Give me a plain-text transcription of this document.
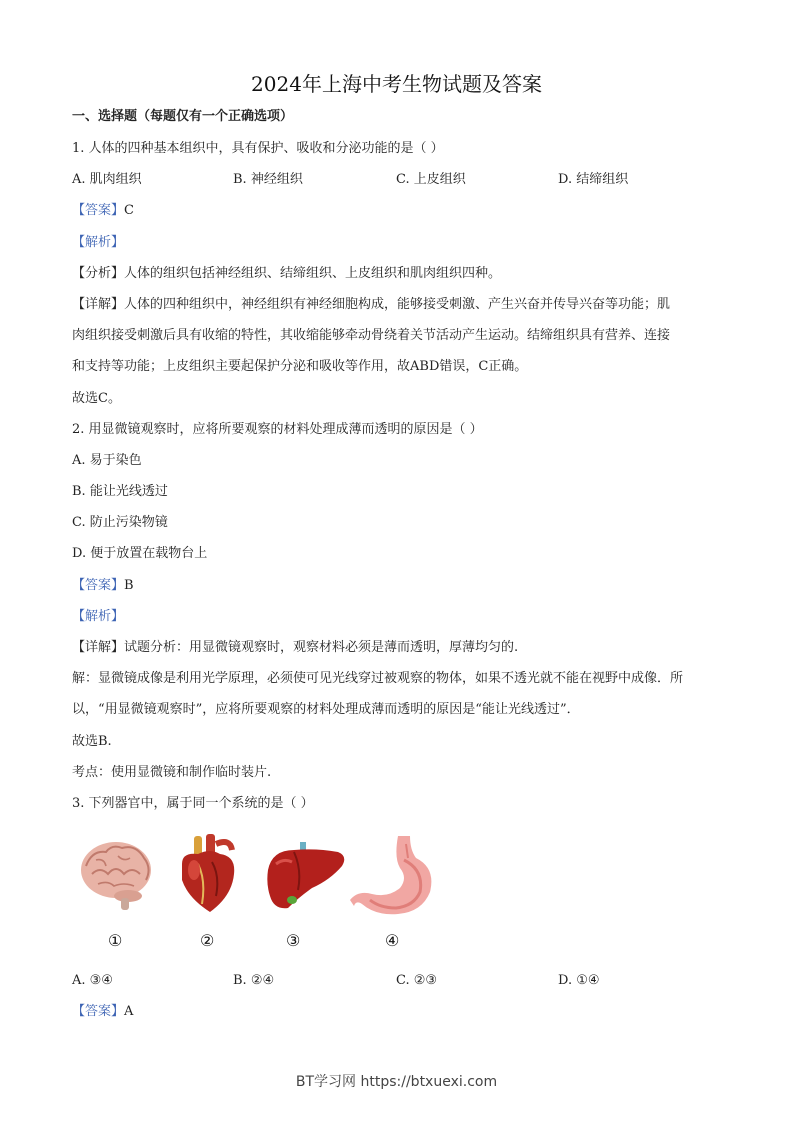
2024年上海中考生物试题及答案
一、选择题（每题仅有一个正确选项）
1. 人体的四种基本组织中，具有保护、吸收和分泌功能的是（ ）
A. 肌肉组织	B. 神经组织	C. 上皮组织	D. 结缔组织
【答案】C
【解析】
【分析】人体的组织包括神经组织、结缔组织、上皮组织和肌肉组织四种。
【详解】人体的四种组织中，神经组织有神经细胞构成，能够接受刺激、产生兴奋并传导兴奋等功能；肌
肉组织接受刺激后具有收缩的特性，其收缩能够牵动骨绕着关节活动产生运动。结缔组织具有营养、连接
和支持等功能；上皮组织主要起保护分泌和吸收等作用，故ABD错误，C正确。
故选C。
2. 用显微镜观察时，应将所要观察的材料处理成薄而透明的原因是（ ）
A. 易于染色
B. 能让光线透过
C. 防止污染物镜
D. 便于放置在载物台上
【答案】B
【解析】
【详解】试题分析：用显微镜观察时，观察材料必须是薄而透明，厚薄均匀的.
解：显微镜成像是利用光学原理，必须使可见光线穿过被观察的物体，如果不透光就不能在视野中成像．所
以，“用显微镜观察时”，应将所要观察的材料处理成薄而透明的原因是“能让光线透过”．
故选B.
考点：使用显微镜和制作临时装片.
3. 下列器官中，属于同一个系统的是（ ）
①	②	③	④
A. ③④	B. ②④	C. ②③	D. ①④
【答案】A
BT学习网 https://btxuexi.com
